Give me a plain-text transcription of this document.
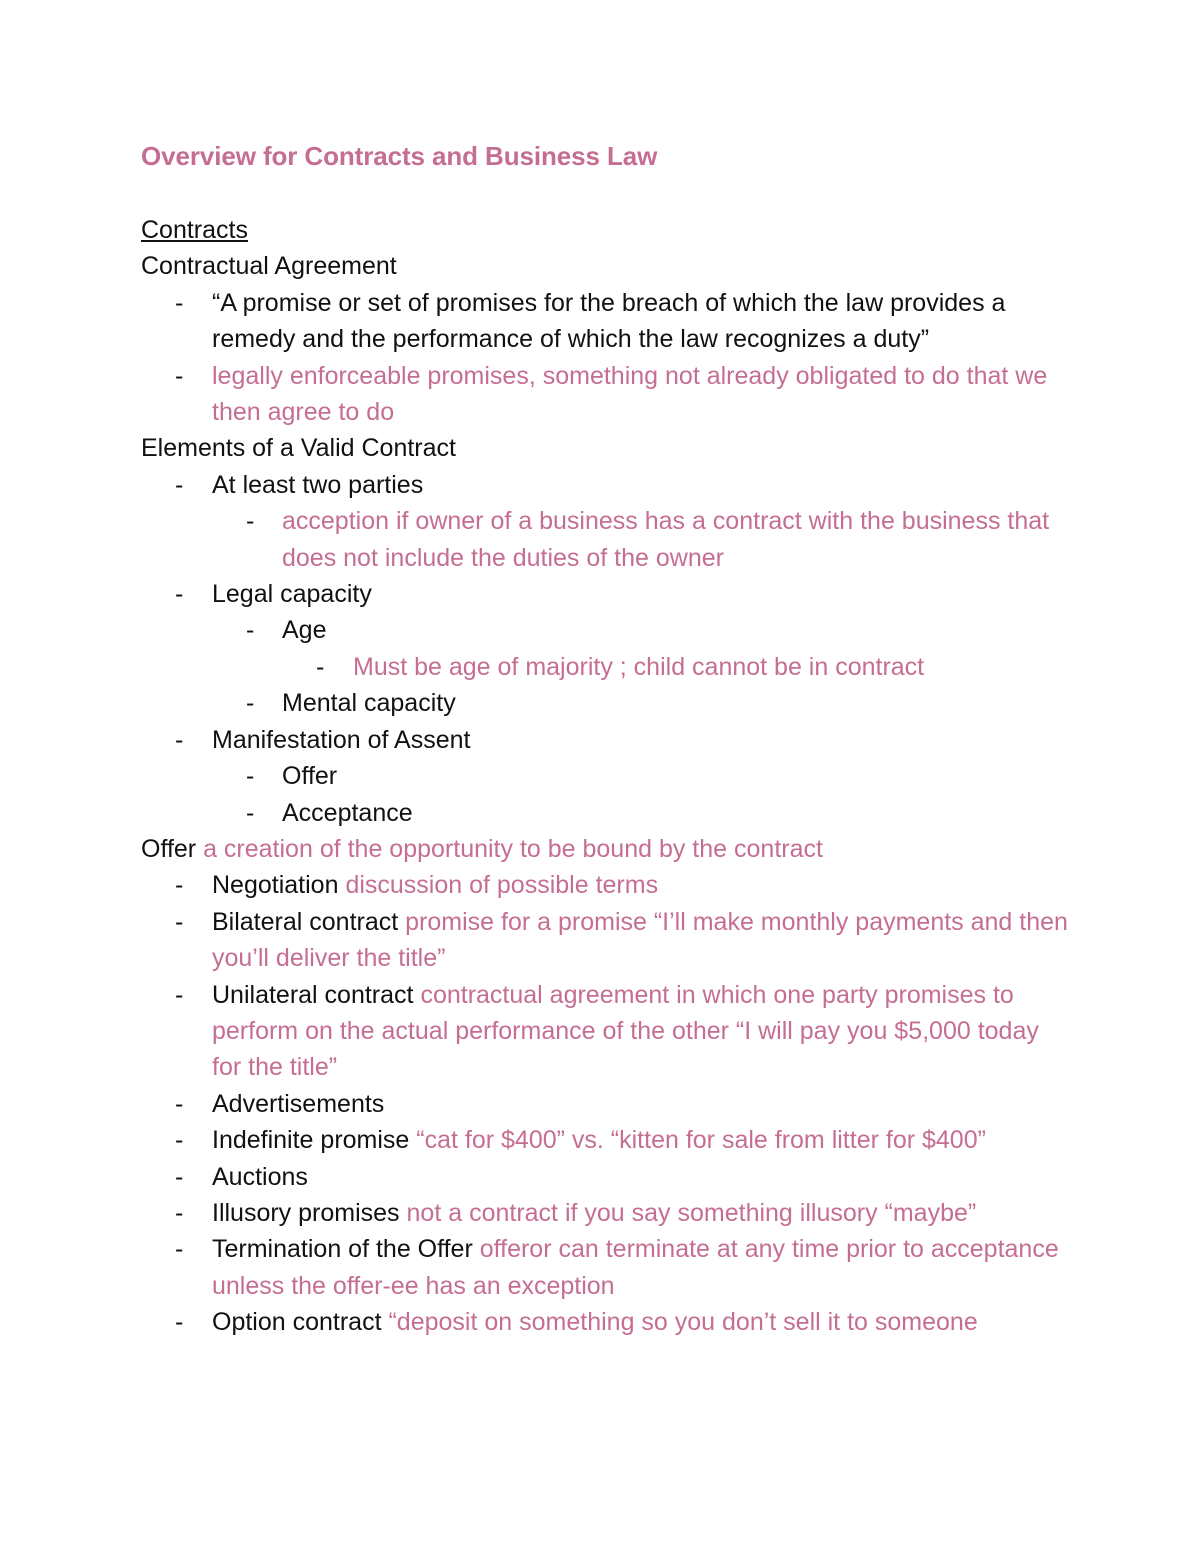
Overview for Contracts and Business Law

Contracts

Contractual Agreement

- “A promise or set of promises for the breach of which the law provides a remedy and the performance of which the law recognizes a duty”
- legally enforceable promises, something not already obligated to do that we then agree to do

Elements of a Valid Contract

- At least two parties
- acception if owner of a business has a contract with the business that does not include the duties of the owner
- Legal capacity
- Age
- Must be age of majority ; child cannot be in contract
- Mental capacity
- Manifestation of Assent
- Offer
- Acceptance

Offer a creation of the opportunity to be bound by the contract

- Negotiation discussion of possible terms
- Bilateral contract promise for a promise “I’ll make monthly payments and then you’ll deliver the title”
- Unilateral contract contractual agreement in which one party promises to perform on the actual performance of the other “I will pay you $5,000 today for the title”
- Advertisements
- Indefinite promise “cat for $400” vs. “kitten for sale from litter for $400”
- Auctions
- Illusory promises not a contract if you say something illusory “maybe”
- Termination of the Offer offeror can terminate at any time prior to acceptance unless the offer-ee has an exception
- Option contract “deposit on something so you don’t sell it to someone
